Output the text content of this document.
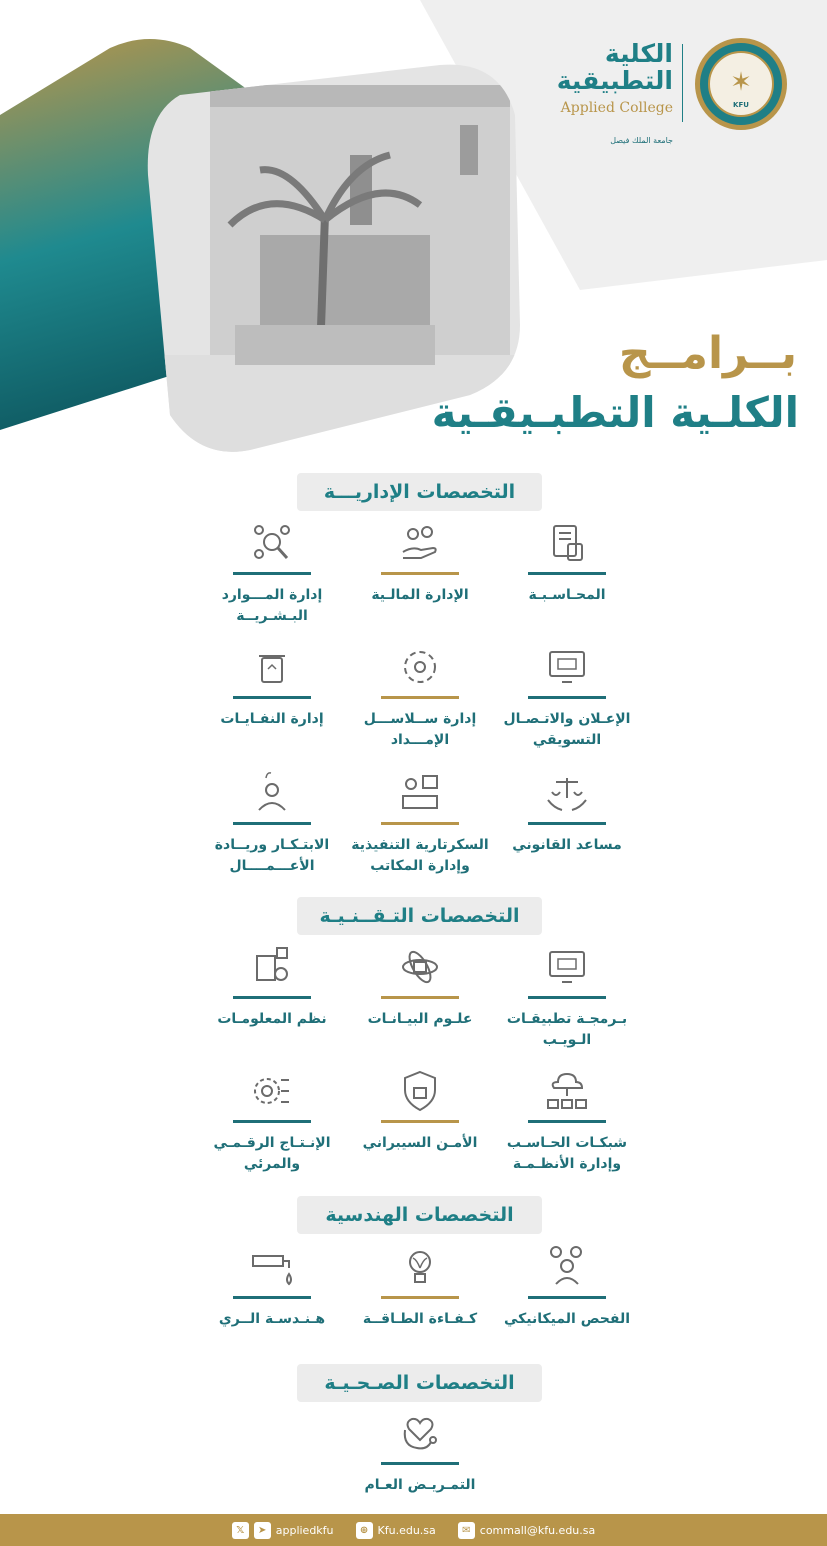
✶
KFU
الكلية التطبيقية
Applied College
جامعة الملك فيصل
بــرامــج
الكلـية التطبـيقـية
التخصصات الإداريـــة
التخصصات التـقــنـيـة
التخصصات الهندسية
التخصصات الصـحـيـة
المحـاسـبـة
الإدارة المالـية
إدارة المـــوارد البـشـريــة
الإعـلان والاتـصـال التسويقي
إدارة ســلاســـل الإمـــداد
إدارة النفـايـات
مساعد القانوني
السكرتارية التنفيذية وإدارة المكاتب
الابتـكـار وريــادة الأعـــمــــال
بـرمجـة تطبيقـات الـويـب
علـوم البيـانـات
نظم المعلومـات
شبكـات الحـاسـب وإدارة الأنظـمـة
الأمـن السيبراني
الإنـتـاج الرقـمـي والمرئي
الفحص الميكانيكي
كـفـاءة الطـاقــة
هـنـدسـة الــري
التمـريـض العـام
𝕏	➤ appliedkfu	⊕ Kfu.edu.sa	✉ commall@kfu.edu.sa
